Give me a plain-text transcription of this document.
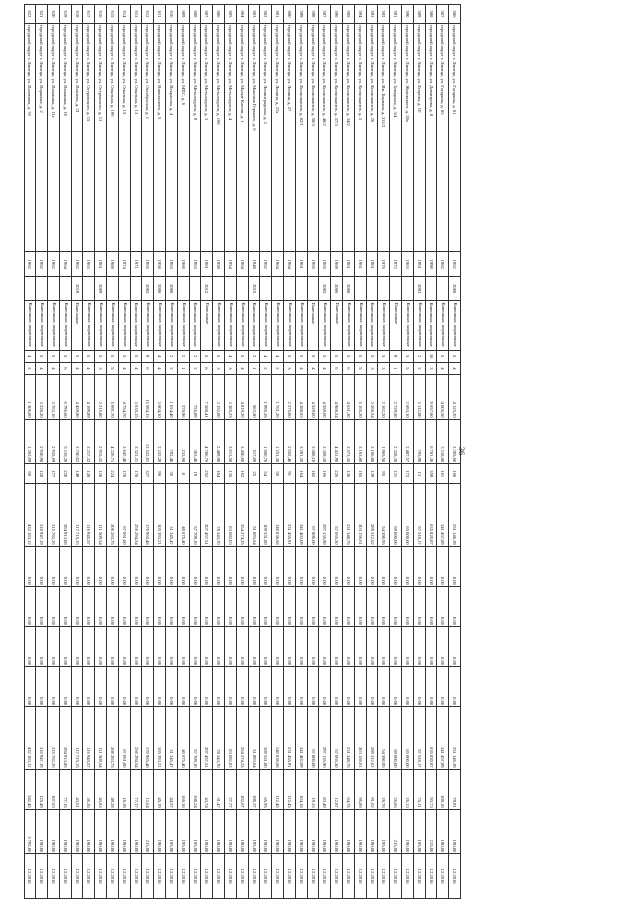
586	городской округ г. Липецк, ул. Гагарина, д. 81	1962	2008	Каменные, кирпичные	5	4	4 125,20	3 205,60	160	251 146,39	0.00	0.00	0.00	0.00	251 146,39	79,91	190,00	12.2018
587	городской округ г. Липецк, ул. Гагарина, д. 85	1962		Каменные, кирпичные	5	4	4 005,50	3 118,80	161	341 457,89	0.00	0.00	0.00	0.00	341 457,89	109,18	190,00	12.2018
588	городской округ г. Липецк, ул. Димитрова, д. 8	1990		Каменные, кирпичные	10	3	9 657,60	6 781,30	359	635 820,87	0.00	0.00	0.00	0.00	635 820,87	93,73	215,00	12.2018
589	городской округ г. Липецк, ул. Егорова, д. 10	1961	2003	Каменные, кирпичные	2	2	1 112,00	765,90	13	57 518,17	0.00	0.00	0.00	0.00	57 518,17	75,11	195,00	12.2018
590	городской округ г. Липецк, ул. Жуковского, д. 28а	1963		Каменные, кирпичные	5	5	2 693,10	2 487,57	172	65 000,00	0.00	0.00	0.00	0.00	65 000,00	26,13	190,00	12.2018
591	городской округ г. Липецк, ул. Заводская, д. 3/4	1972		Панельные	9	1	2 729,50	2 328,20	121	69 000,00	0.00	0.00	0.00	0.00	69 000,00	26,85	215,00	12.2018
592	городской округ г. Липецк, ул. Им. Баумана, д. 331/2	1976		Каменные, кирпичные	5	3	2 162,20	1 965,50	95	54 590,95	0.00	0.00	0.00	0.00	54 590,95	26,76	195,00	12.2018
593	городской округ г. Липецк, ул. Космонавтов, д. 26	1961		Каменные, кирпичные	5	3	3 266,54	3 166,80	139	289 312,62	0.00	0.00	0.00	0.00	289 312,62	91,62	190,00	12.2018
594	городской округ г. Липецк, ул. Космонавтов, д. 3	1961		Каменные, кирпичные	5	5	5 165,20	3 163,80	165	303 156,61	0.00	0.00	0.00	0.00	303 156,61	95,86	190,00	12.2018
595	городской округ г. Липецк, ул. Космонавтов, д. 34/2	1961	2008	Каменные, кирпичные	5	6	4 631,30	3 573,35	136	231 348,76	0.00	0.00	0.00	0.00	231 348,76	64,76	190,00	12.2018
596	городской округ г. Липецк, ул. Космонавтов, д. 37/3	1969	2006	Панельные	5	6	4 988,54	4 431,90	226	57 065,50	0.00	0.00	0.00	0.00	57 065,50	12,87	190,00	12.2018
597	городской округ г. Липецк, ул. Космонавтов, д. 48/2	1965	2005	Каменные, кирпичные	5	4	4 559,00	3 359,20	166	297 135,90	0.00	0.00	0.00	0.00	297 135,90	83,49	190,00	12.2018
598	городской округ г. Липецк, ул. Космонавтов, д. 58/3	1965		Панельные	5	4	4 529,00	3 508,10	182	67 800,00	0.00	0.00	0.00	0.00	67 800,00	19,33	190,00	12.2018
599	городской округ г. Липецк, ул. Космонавтов, д. 82/1	1961		Каменные, кирпичные	5	4	4 288,65	3 281,20	164	341 402,09	0.00	0.00	0.00	0.00	341 402,09	104,18	190,00	12.2018
600	городской округ г. Липецк, ул. Ленина, д. 27	1964		Каменные, кирпичные	5	3	2 275,00	2 052,40	91	231 455,91	0.00	0.00	0.00	0.00	231 455,91	112,45	190,00	12.2018
601	городской округ г. Липецк, ул. Ленина, д. 27а	1964		Каменные, кирпичные	4	2	1 761,20	1 251,30	50	140 838,68	0.00	0.00	0.00	0.00	140 838,68	112,46	190,00	12.2018
602	городской округ г. Липецк, ул. Ленинградская, д. 2	1962		Каменные, кирпичные	4	2	1 995,36	1 660,70	54	109 531,00	0.00	0.00	0.00	0.00	109 531,00	65,95	190,00	12.2018
603	городской округ г. Липецк, ул. Максима Горького, д. 6	1948	2015	Каменные, кирпичные	2	1	563,50	517,00	25	51 893,64	0.00	0.00	0.00	0.00	51 893,64	100,37	195,00	12.2018
604	городской округ г. Липецк, ул. Малые Ключи, д. 1	1964		Каменные, кирпичные	5	4	4 819,20	3 450,60	162	354 274,25	0.00	0.00	0.00	0.00	354 274,25	102,67	190,00	12.2018
605	городской округ г. Липецк, ул. Металлургов, д. 4	1954		Каменные, кирпичные	4	3	3 385,25	3 013,50	135	83 682,03	0.00	0.00	0.00	0.00	83 682,03	27,77	190,00	12.2018
606	городской округ г. Липецк, ул. Металлургов, д. 19б	1959		Каменные, кирпичные	5	3	3 152,00	2 489,90	104	78 343,70	0.00	0.00	0.00	0.00	78 343,70	31,47	190,00	12.2018
607	городской округ г. Липецк, ул. Металлургов, д. 3	1961	2012	Панельные	5	6	7 588,41	4 786,76	252	207 457,51	0.00	0.00	0.00	0.00	207 457,51	43,74	190,00	12.2018
608	городской округ г. Липецк, ул. Металлургов, д. 9	1963		Каменные, кирпичные	2	2	755,89	363,40	19	57 709,10	0.00	0.00	0.00	0.00	57 709,10	160,24	195,00	12.2018
609	городской округ г. Липецк, ул. МПС, д. 6	1960		Каменные, кирпичные	2	1	278,96	233,60	8	40 675,40	0.00	0.00	0.00	0.00	40 675,40	166,36	195,00	12.2018
610	городской округ г. Липецк, ул. Некрасова, д. 4	1963	2008	Каменные, кирпичные	2	2	1 024,40	702,40	36	31 345,47	0.00	0.00	0.00	0.00	31 345,47	44,57	195,00	12.2018
611	городской округ г. Липецк, ул. Никольского, д. 5	1958	2008	Каменные, кирпичные	4	4	3 604,10	2 332,20	96	105 393,21	0.00	0.00	0.00	0.00	105 393,21	45,19	190,00	12.2018
612	городской округ г. Липецк, ул. Октябрьская, д. 1	1965	2005	Каменные, кирпичные	9	6	15 594,15	13 522,81	327	170 965,48	0.00	0.00	0.00	0.00	170 965,48	12,64	215,00	12.2018
613	городской округ г. Липецк, ул. Опытная, д. 13	1971		Каменные, кирпичные	5	4	3 635,15	3 321,31	178	256 294,54	0.00	0.00	0.00	0.00	256 294,54	77,17	190,00	12.2018
614	городской округ г. Липецк, ул. Опытная, д. 15	1974		Каменные, кирпичные	5	4	4 754,70	3 647,40	178	67 061,00	0.00	0.00	0.00	0.00	67 061,00	18,39	190,00	12.2018
615	городской округ г. Липецк, ул. Опытная, д. 19б	1988		Каменные, кирпичные	5	5	5 691,70	4 226,71	224	208 283,75	0.00	0.00	0.00	0.00	208 283,75	49,28	190,00	12.2018
616	городской округ г. Липецк, ул. Островского, д. 13	1961	2009	Каменные, кирпичные	5	3	3 215,80	2 915,32	128	111 509,54	0.00	0.00	0.00	0.00	111 509,54	43,83	190,00	12.2018
617	городской округ г. Липецк, ул. Островского, д. 15	1963		Каменные, кирпичные	5	4	4 199,89	3 217,32	128	116 945,57	0.00	0.00	0.00	0.00	116 945,57	36,35	190,00	12.2018
618	городской округ г. Липецк, ул. Павлова, д. 21	1962	2019	Панельные	5	4	4 459,80	3 750,02	149	117 715,15	0.00	0.00	0.00	0.00	117 715,15	43,61	190,00	12.2018
619	городской округ г. Липецк, ул. Папанина, д. 10	1964		Каменные, кирпичные	5	6	6 796,60	5 116,20	220	394 913,86	0.00	0.00	0.00	0.00	394 913,86	77,16	190,00	12.2018
620	городской округ г. Липецк, ул. Папанина, д. 11е	1962		Каменные, кирпичные	5	4	3 762,10	2 935,69	177	315 762,26	0.00	0.00	0.00	0.00	315 762,26	107,63	190,00	12.2018
621	городской округ г. Липецк, ул. Парковая, д. 2	1962		Каменные, кирпичные	5	4	3 228,20	2 930,90	128	310 947,19	0.00	0.00	0.00	0.00	310 947,19	125,49	190,00	12.2018
622	городской округ г. Липецк, ул. Пахомова, д. 7б	1962		Каменные, кирпичные	4	2	1 306,00	1 262,09	60	432 183,12	0.00	0.00	0.00	0.00	432 183,12	342,46	3 792,00	12.2018
36
